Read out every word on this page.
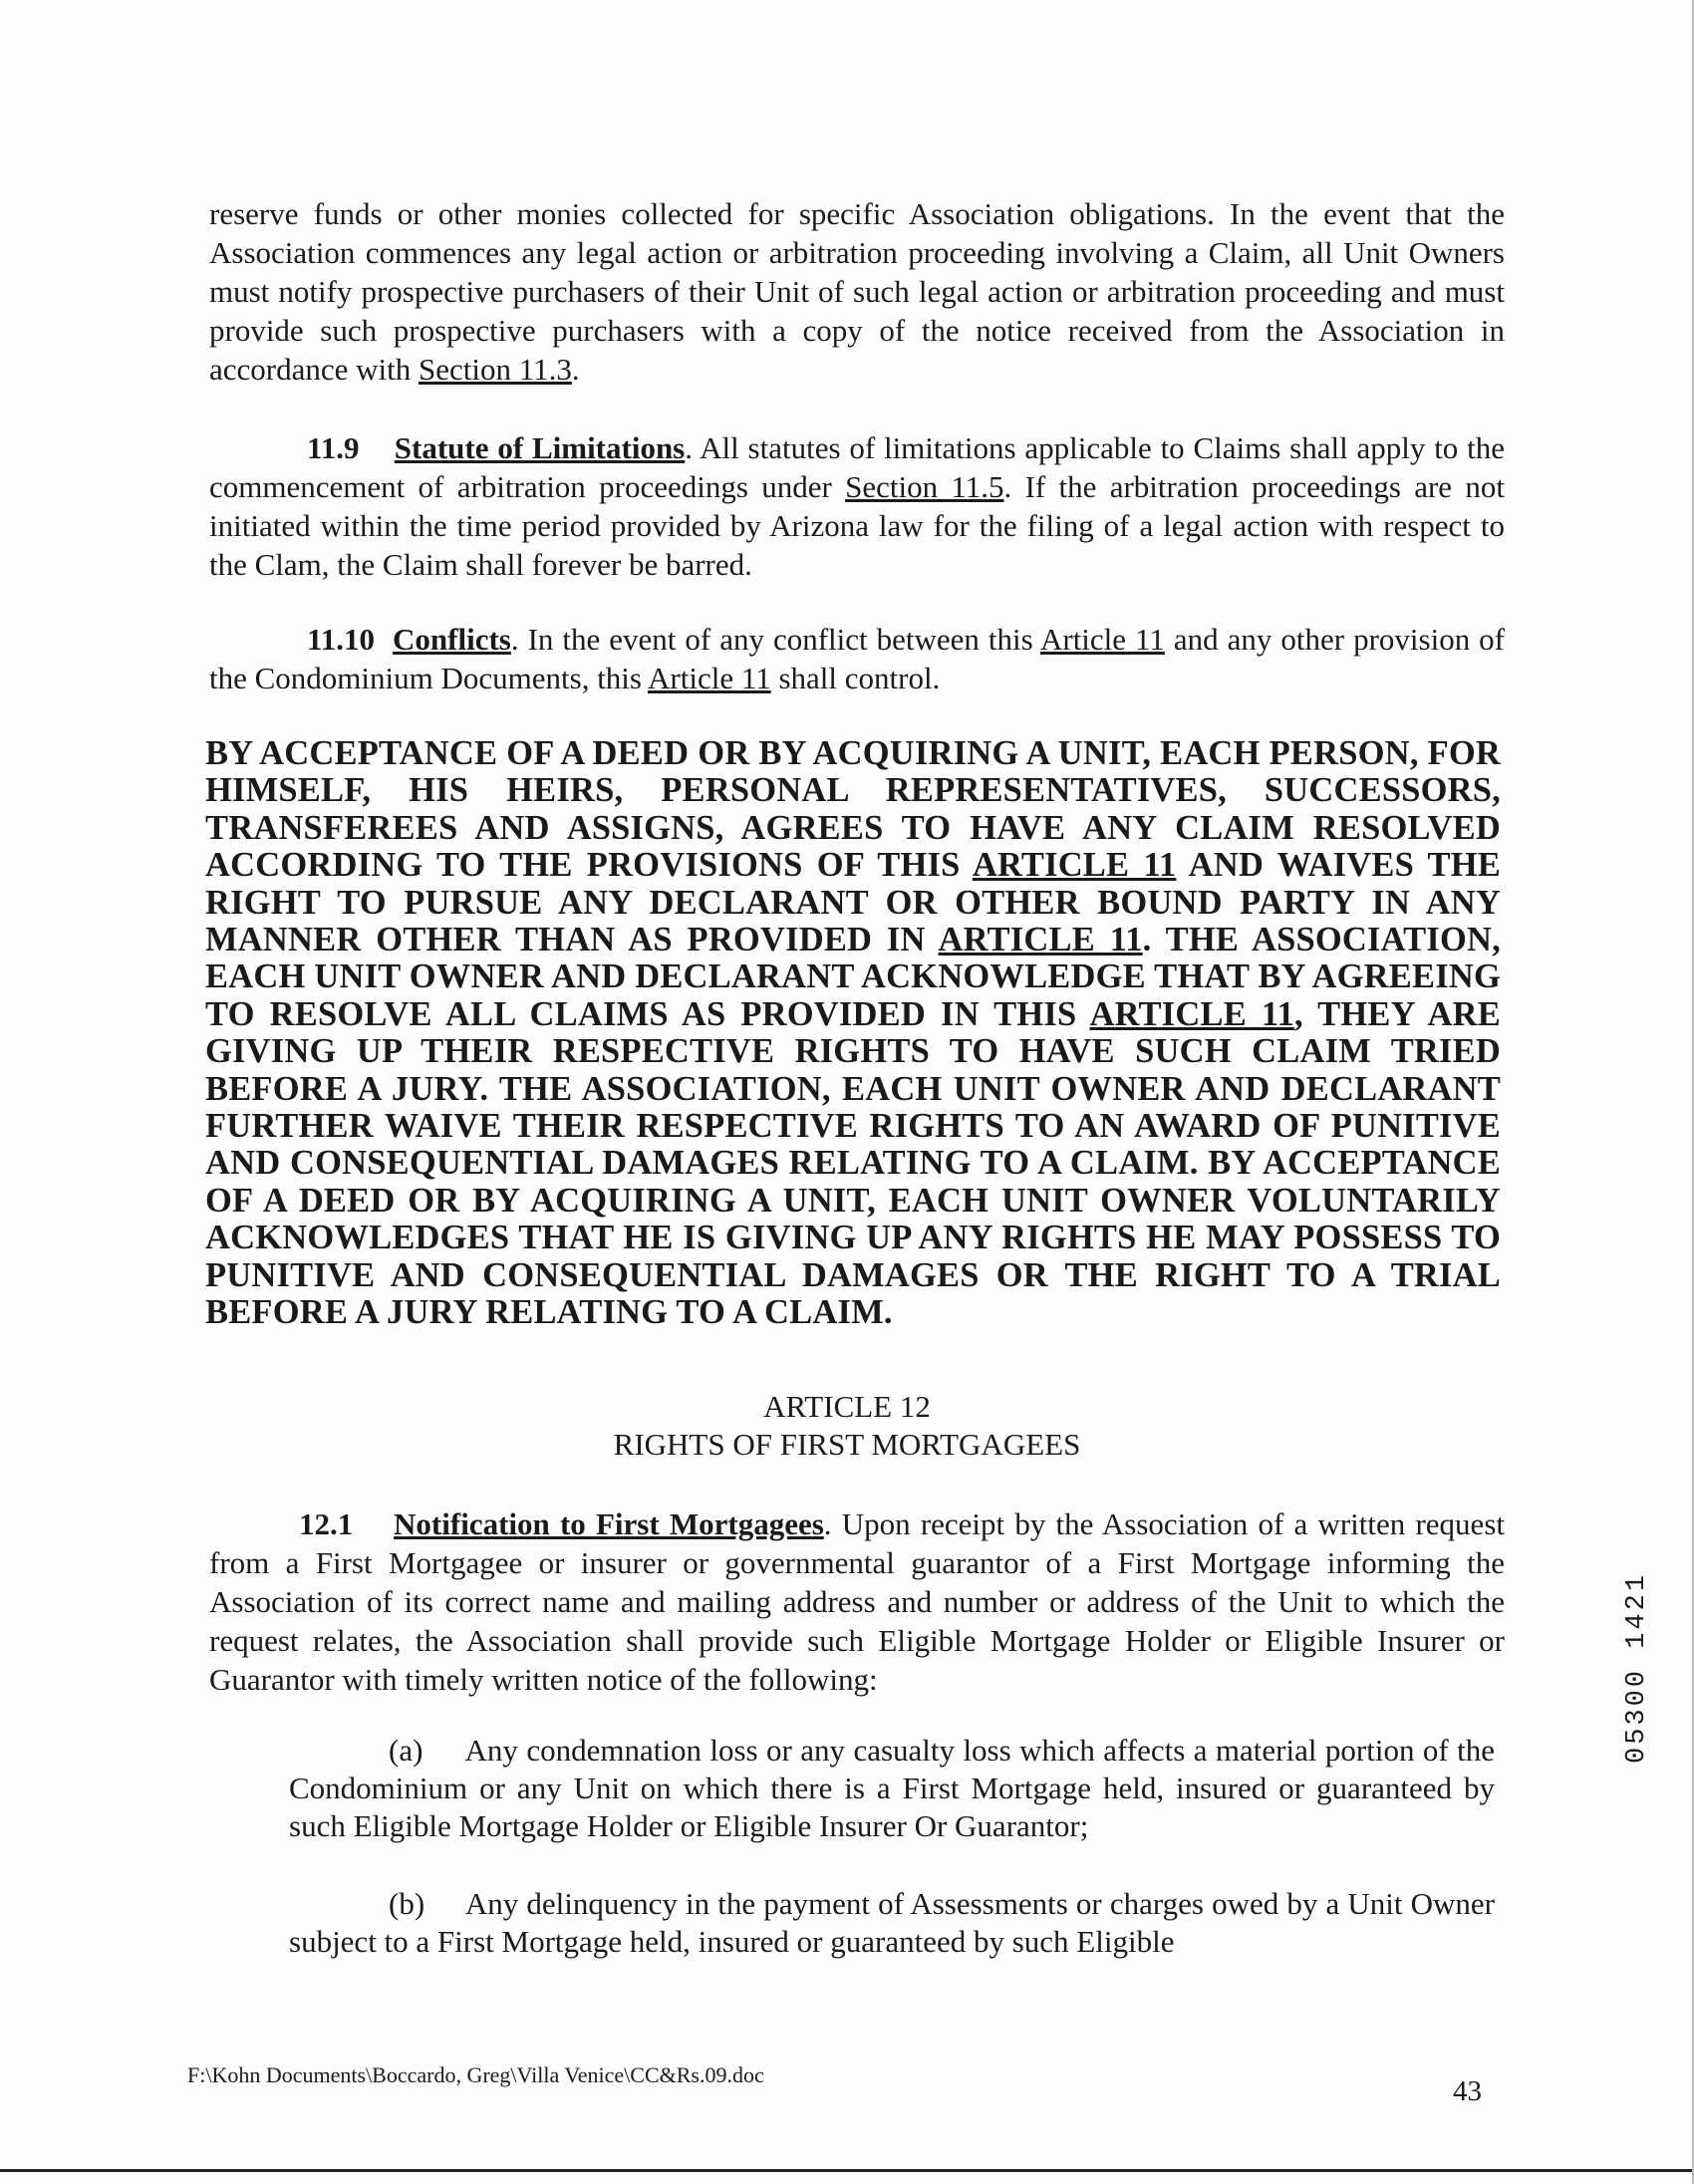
reserve funds or other monies collected for specific Association obligations. In the event that the Association commences any legal action or arbitration proceeding involving a Claim, all Unit Owners must notify prospective purchasers of their Unit of such legal action or arbitration proceeding and must provide such prospective purchasers with a copy of the notice received from the Association in accordance with Section 11.3.

11.9 Statute of Limitations. All statutes of limitations applicable to Claims shall apply to the commencement of arbitration proceedings under Section 11.5. If the arbitration proceedings are not initiated within the time period provided by Arizona law for the filing of a legal action with respect to the Clam, the Claim shall forever be barred.

11.10 Conflicts. In the event of any conflict between this Article 11 and any other provision of the Condominium Documents, this Article 11 shall control.

BY ACCEPTANCE OF A DEED OR BY ACQUIRING A UNIT, EACH PERSON, FOR HIMSELF, HIS HEIRS, PERSONAL REPRESENTATIVES, SUCCESSORS, TRANSFEREES AND ASSIGNS, AGREES TO HAVE ANY CLAIM RESOLVED ACCORDING TO THE PROVISIONS OF THIS ARTICLE 11 AND WAIVES THE RIGHT TO PURSUE ANY DECLARANT OR OTHER BOUND PARTY IN ANY MANNER OTHER THAN AS PROVIDED IN ARTICLE 11. THE ASSOCIATION, EACH UNIT OWNER AND DECLARANT ACKNOWLEDGE THAT BY AGREEING TO RESOLVE ALL CLAIMS AS PROVIDED IN THIS ARTICLE 11, THEY ARE GIVING UP THEIR RESPECTIVE RIGHTS TO HAVE SUCH CLAIM TRIED BEFORE A JURY. THE ASSOCIATION, EACH UNIT OWNER AND DECLARANT FURTHER WAIVE THEIR RESPECTIVE RIGHTS TO AN AWARD OF PUNITIVE AND CONSEQUENTIAL DAMAGES RELATING TO A CLAIM. BY ACCEPTANCE OF A DEED OR BY ACQUIRING A UNIT, EACH UNIT OWNER VOLUNTARILY ACKNOWLEDGES THAT HE IS GIVING UP ANY RIGHTS HE MAY POSSESS TO PUNITIVE AND CONSEQUENTIAL DAMAGES OR THE RIGHT TO A TRIAL BEFORE A JURY RELATING TO A CLAIM.

ARTICLE 12
RIGHTS OF FIRST MORTGAGEES

12.1 Notification to First Mortgagees. Upon receipt by the Association of a written request from a First Mortgagee or insurer or governmental guarantor of a First Mortgage informing the Association of its correct name and mailing address and number or address of the Unit to which the request relates, the Association shall provide such Eligible Mortgage Holder or Eligible Insurer or Guarantor with timely written notice of the following:

(a) Any condemnation loss or any casualty loss which affects a material portion of the Condominium or any Unit on which there is a First Mortgage held, insured or guaranteed by such Eligible Mortgage Holder or Eligible Insurer Or Guarantor;

(b) Any delinquency in the payment of Assessments or charges owed by a Unit Owner subject to a First Mortgage held, insured or guaranteed by such Eligible

F:\Kohn Documents\Boccardo, Greg\Villa Venice\CC&Rs.09.doc
43
05300 1421
